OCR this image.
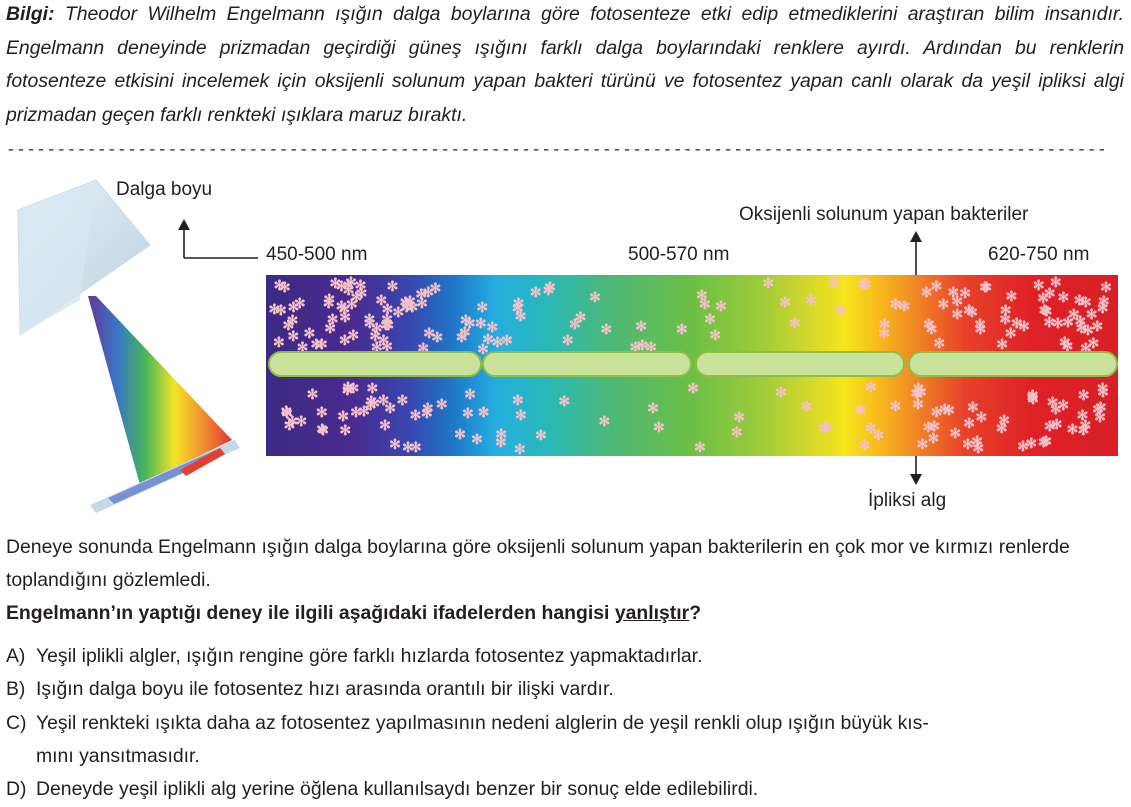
Bilgi: Theodor Wilhelm Engelmann ışığın dalga boylarına göre fotosenteze etki edip etmediklerini araştıran bilim insanıdır. Engelmann deneyinde prizmadan geçirdiği güneş ışığını farklı dalga boylarındaki renklere ayırdı. Ardından bu renklerin fotosenteze etkisini incelemek için oksijenli solunum yapan bakteri türünü ve fotosentez yapan canlı olarak da yeşil ipliksi algi prizmadan geçen farklı renkteki ışıklara maruz bıraktı.

-------------------------------------------------------------------------------------------------------------
Dalga boyu
Oksijenli solunum yapan bakteriler
450-500 nm	500-570 nm	620-750 nm
✻
✻
✻
✻
✻
✻
✻
✻
✻
✻
✻
✻
✻
✻
✻
✻
✻
✻
✻
✻
✻
✻
✻
✻
✻
✻
✻
✻
✻
✻
✻
✻
✻
✻
✻
✻
✻
✻
✻
✻
✻
✻
✻
✻
✻
✻
✻
✻
✻
✻
✻
✻
✻
✻
✻
✻
✻
✻
✻
✻
✻
✻
✻
✻
✻
✻
✻
✻
✻
✻
✻
✻
✻
✻
✻
✻
✻
✻
✻
✻
✻
✻
✻
✻
✻
✻
✻
✻
✻
✻
✻
✻
✻
✻
✻
✻
✻
✻
✻
✻
✻
✻
✻
✻
✻
✻
✻
✻
✻
✻
✻
✻
✻
✻
✻
✻
✻
✻
✻
✻
✻
✻
✻
✻
✻
✻
✻
✻
✻
✻
✻
✻
✻
✻
✻
✻
✻
✻
✻
✻
✻
✻
✻
✻
✻
✻
✻
✻
✻
✻
✻
✻
✻
✻
✻
✻
✻
✻
✻
✻
✻
✻
✻
✻
✻
✻
✻
✻
✻
✻
✻
✻
✻
✻
✻
✻
✻
✻
✻
✻
✻
✻
✻
✻
✻
✻
✻
✻
✻
✻
✻
✻
✻
✻
✻
✻
✻
✻
✻
✻
✻
✻
✻
✻
✻
✻
✻
✻
✻
✻
✻
✻
✻
✻
✻
✻
✻
✻
✻
✻
✻
✻
✻
✻
✻
✻
✻
✻
✻
✻
✻
✻
✻
✻
✻
✻
✻
✻
✻
✻
✻
✻
✻
✻
✻
✻
✻
✻
✻
✻
✻
✻
✻
✻
İpliksi alg

Deneye sonunda Engelmann ışığın dalga boylarına göre oksijenli solunum yapan bakterilerin en çok mor ve kırmızı renlerde toplandığını gözlemledi.

Engelmann’ın yaptığı deney ile ilgili aşağıdaki ifadelerden hangisi yanlıştır?

A) Yeşil iplikli algler, ışığın rengine göre farklı hızlarda fotosentez yapmaktadırlar.
B) Işığın dalga boyu ile fotosentez hızı arasında orantılı bir ilişki vardır.
C) Yeşil renkteki ışıkta daha az fotosentez yapılmasının nedeni alglerin de yeşil renkli olup ışığın büyük kıs-
mını yansıtmasıdır.
D) Deneyde yeşil iplikli alg yerine öğlena kullanılsaydı benzer bir sonuç elde edilebilirdi.
